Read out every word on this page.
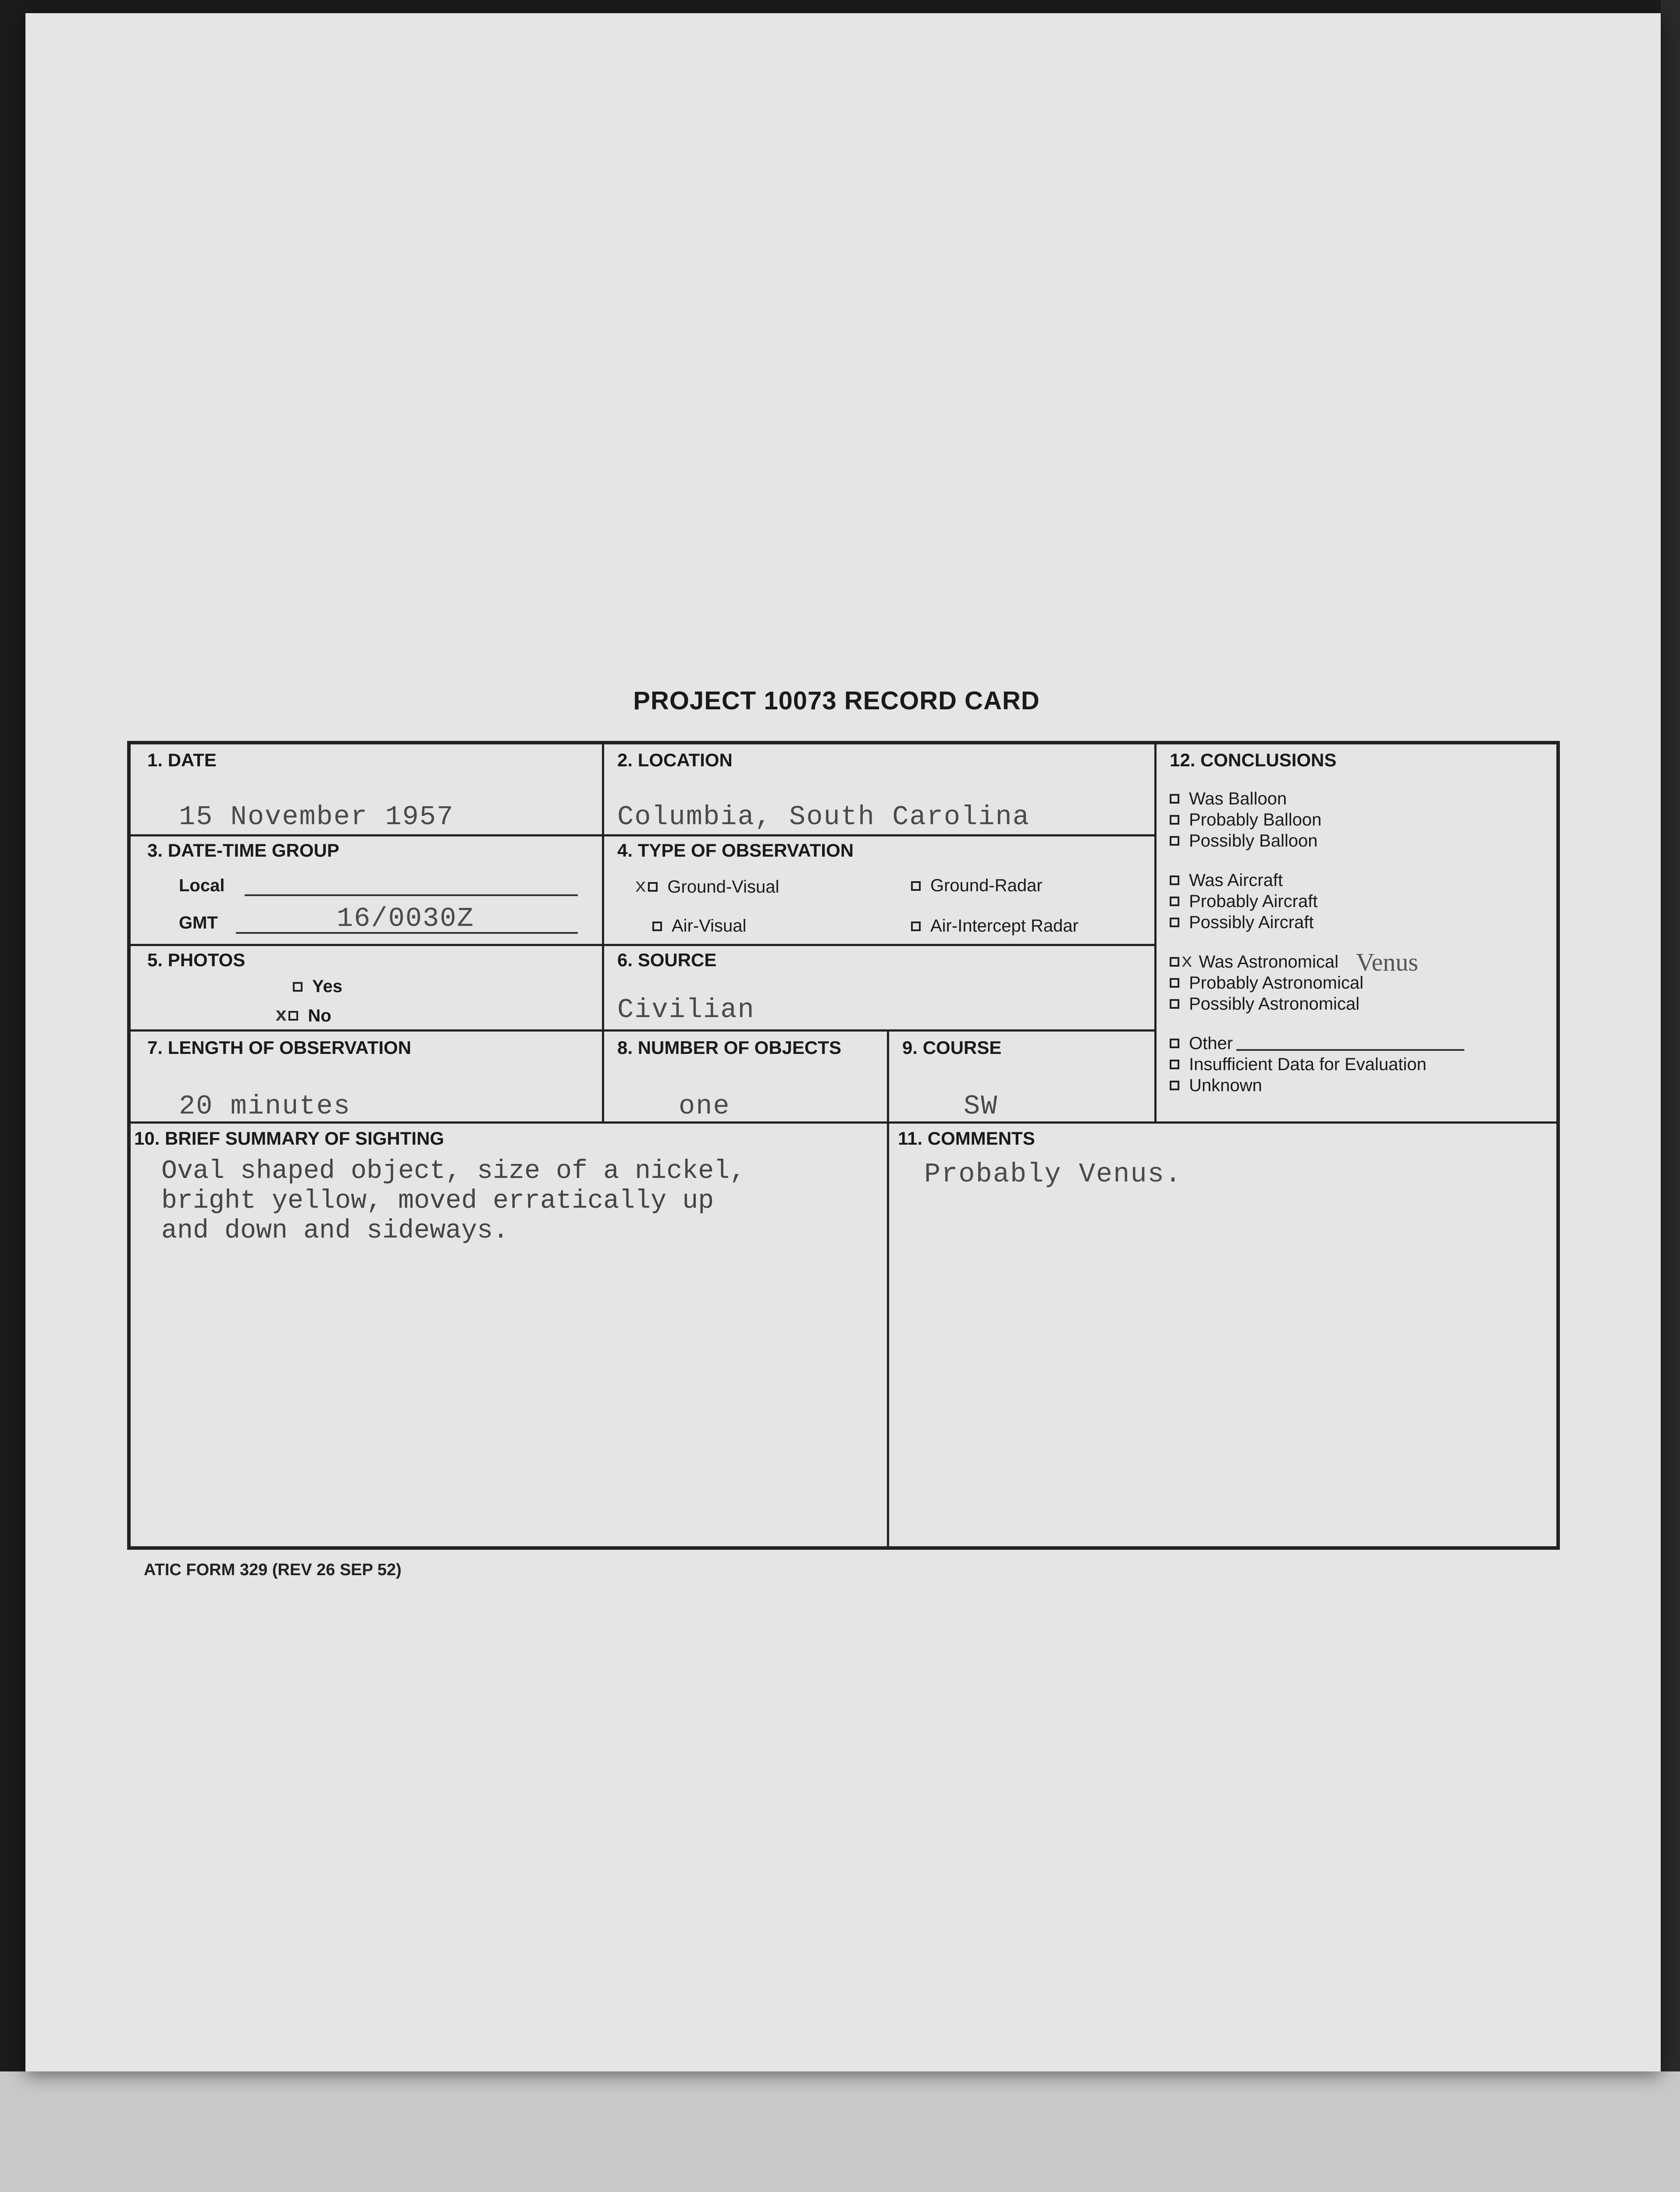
PROJECT 10073 RECORD CARD
1. DATE
15 November 1957
2. LOCATION
Columbia, South Carolina
3. DATE-TIME GROUP
Local
GMT	16/0030Z
4. TYPE OF OBSERVATION
x Ground-Visual	Ground-Radar
Air-Visual	Air-Intercept Radar
5. PHOTOS
Yes
x No
6. SOURCE
Civilian
7. LENGTH OF OBSERVATION
20 minutes
8. NUMBER OF OBJECTS
one
9. COURSE
SW
10. BRIEF SUMMARY OF SIGHTING
Oval shaped object, size of a nickel,
bright yellow, moved erratically up
and down and sideways.
11. COMMENTS
Probably Venus.
12. CONCLUSIONS
Was Balloon
Probably Balloon
Possibly Balloon
Was Aircraft
Probably Aircraft
Possibly Aircraft
x Was Astronomical Venus
Probably Astronomical
Possibly Astronomical
Other
Insufficient Data for Evaluation
Unknown
ATIC FORM 329 (REV 26 SEP 52)
